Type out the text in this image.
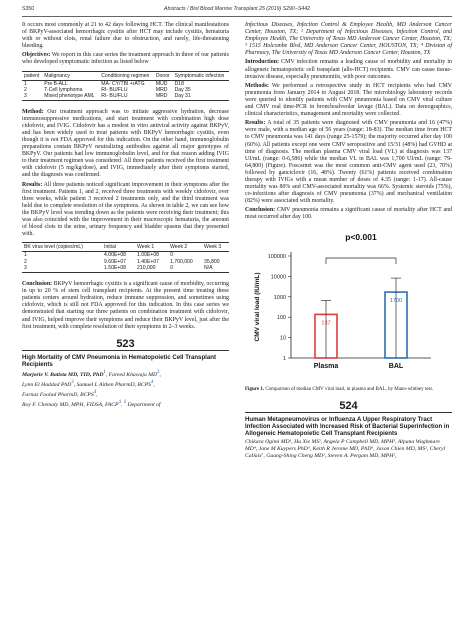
S350	Abstracts / Biol Blood Marrow Transplant 25 (2019) S290−S442

It occurs most commonly at 21 to 42 days following HCT. The clinical manifestations of BKPyV-associated hemorrhagic cystitis after HCT may include cystitis, hematuria with or without clots, renal failure due to obstruction, and rarely, life-threatening bleeding.

Objectives: We report in this case series the treatment approach in three of our patients who developed symptomatic infection as listed below

patient	Malignancy	Conditioning regimen	Donor	Symptomatic infection
1	Pre B-ALL	MA- CY/TBI +rATG	MUD	D18
2	T-Cell lymphoma	RI- BU/FLU	MRD	Day 35
3	Mixed phenotype AML	RI- BU/FLU	MRD	Day 31

Method: Our treatment approach was to initiate aggressive hydration, decrease immunosuppressive medications, and start treatment with combination high dose cidofovir, and IVIG. Cidofovir has a modest in vitro antiviral activity against BKPyV, and has been widely used to treat patients with BKPyV hemorrhagic cystitis, even though it is not FDA approved for this indication. On the other hand, immunoglobulin preparations contain BKPyV neutralizing antibodies against all major genotypes of BKPyV. Our patients had low immunoglobulin level, and for that reason adding IVIG to their treatment regimen was considered. All three patients received the first treatment with cidofovir (5 mg/kg/dose), and IVIG, immediately after their symptoms started, and the diagnosis was confirmed.

Results: All three patients noticed significant improvement in their symptoms after the first treatment. Patients 1, and 2, received three treatments with weekly cidofovir, over three weeks, while patient 3 received 2 treatments only, and the third treatment was held due to complete resolution of the symptoms. As shown in table 2, we can see how the BKPyV level was trending down as the patients were receiving their treatment; this was also coincided with the improvement in their macroscopic hematuria, the amount of blood clots in the urine, urinary frequency and bladder spasms that they presented with.

BK virus level (copies/mL)	Initial	Week 1	Week 2	Week 3
1	4.00E+08	1.00E+08	0	
2	9.60E+07	1.40E+07	1,700,000	35,800
3	1.50E+08	210,000	0	N/A

Conclusion: BKPyV hemorrhagic cystitis is a significant cause of morbidity, occurring in up to 20 % of stem cell transplant recipients. At the present time treating these patients centers around hydration, reduce immune suppression, and sometimes using cidofovir, which is still not FDA approved for this indication. In this case series we demonstrated that starting our three patients on combination treatment with cidofovir, and IVIG, helped improve their symptoms and reduce their BKPyV level, just after the first treatment, with complete resolution of their symptoms in 2–3 weeks.

523
High Mortality of CMV Pneumonia in Hematopoietic Cell Transplant Recipients
Marjorie V. Batista MD, TID, PhD$^1$, Fareed Khawaja $MD^2$,
Lynn El Haddad PhD$^3$, Samuel L Aitken PharmD, BCPS$^4$,
Farnaz Foolad PharmD, BCPS$^4$,
Roy F. Chemaly MD, MPH, FIDSA, FACP$^4$. $^1$ Department of

Infectious Diseases, Infection Control & Employee Health, MD Anderson Cancer Center, Houston, TX; ² Department of Infectious Diseases, Infection Control, and Employee Health, The University of Texas MD Anderson Cancer Center, Houston, TX; ³ 1515 Holcombe Blvd, MD Anderson Cancer Center, HOUSTON, TX; ⁴ Division of Pharmacy, The University of Texas MD Anderson Cancer Center, Houston, TX

Introduction: CMV infection remains a leading cause of morbidity and mortality in allogeneic hematopoietic cell transplant (allo-HCT) recipients. CMV can cause tissue-invasive disease, especially pneumonitis, with poor outcomes.

Methods: We performed a retrospective study in HCT recipients who had CMV pneumonia from January 2014 to August 2018. The microbiology laboratory records were queried to identify patients with CMV pneumonia based on CMV viral culture and CMV real time-PCR in bronchoalveolar lavage (BAL). Data on demographics, clinical characteristics, management and mortality were collected.

Results: A total of 35 patients were diagnosed with CMV pneumonia and 16 (47%) were male, with a median age of 56 years (range: 18-83). The median time from HCT to CMV pneumonia was 141 days (range 25-1579); the majority occurred after day 100 (60%). All patients except one were CMV seropositive and 15/31 (48%) had GVHD at time of diagnosis. The median plasma CMV viral load (VL) at diagnosis was 137 UI/mL (range: 0-6,586) while the median VL in BAL was 1,700 UI/mL (range: 79-64,800) (Figure). Foscarnet was the most common anti-CMV agent used (23, 70%) followed by ganciclovir (16, 48%). Twenty (61%) patients received combination therapy with IVIGs with a mean number of doses of 4.35 (range: 1-17). All-cause mortality was 80% and CMV-associated mortality was 66%. Systemic steroids (75%), co-infections after diagnosis of CMV pneumonia (37%) and mechanical ventilation (82%) were associated with mortality.

Conclusion: CMV pneumonia remains a significant cause of mortality after HCT and most occurred after day 100.

p<0.001
1
10
100
1000
10000
100000
CMV viral load (IU/mL)	137
Plasma
1700
BAL

Figure 1. Comparison of median CMV viral load, in plasma and BAL, by Mann-whitney test.

524
Human Metapneumovirus or Influenza A Upper Respiratory Tract Infection Associated with Increased Risk of Bacterial Superinfection in Allogeneic Hematopoietic Cell Transplant Recipients
Chikara Ogimi MD¹, Hu Xie MS², Angela P Campbell MD, MPH³, Alpana Waghmare MD⁴, Jane M Kuypers PhD⁵, Keith R Jerome MD, PhD⁶, Jason Chien MD, MS², Cheryl Callais⁷, Guang-Shing Cheng MD², Steven A. Pergam MD, MPH²,
